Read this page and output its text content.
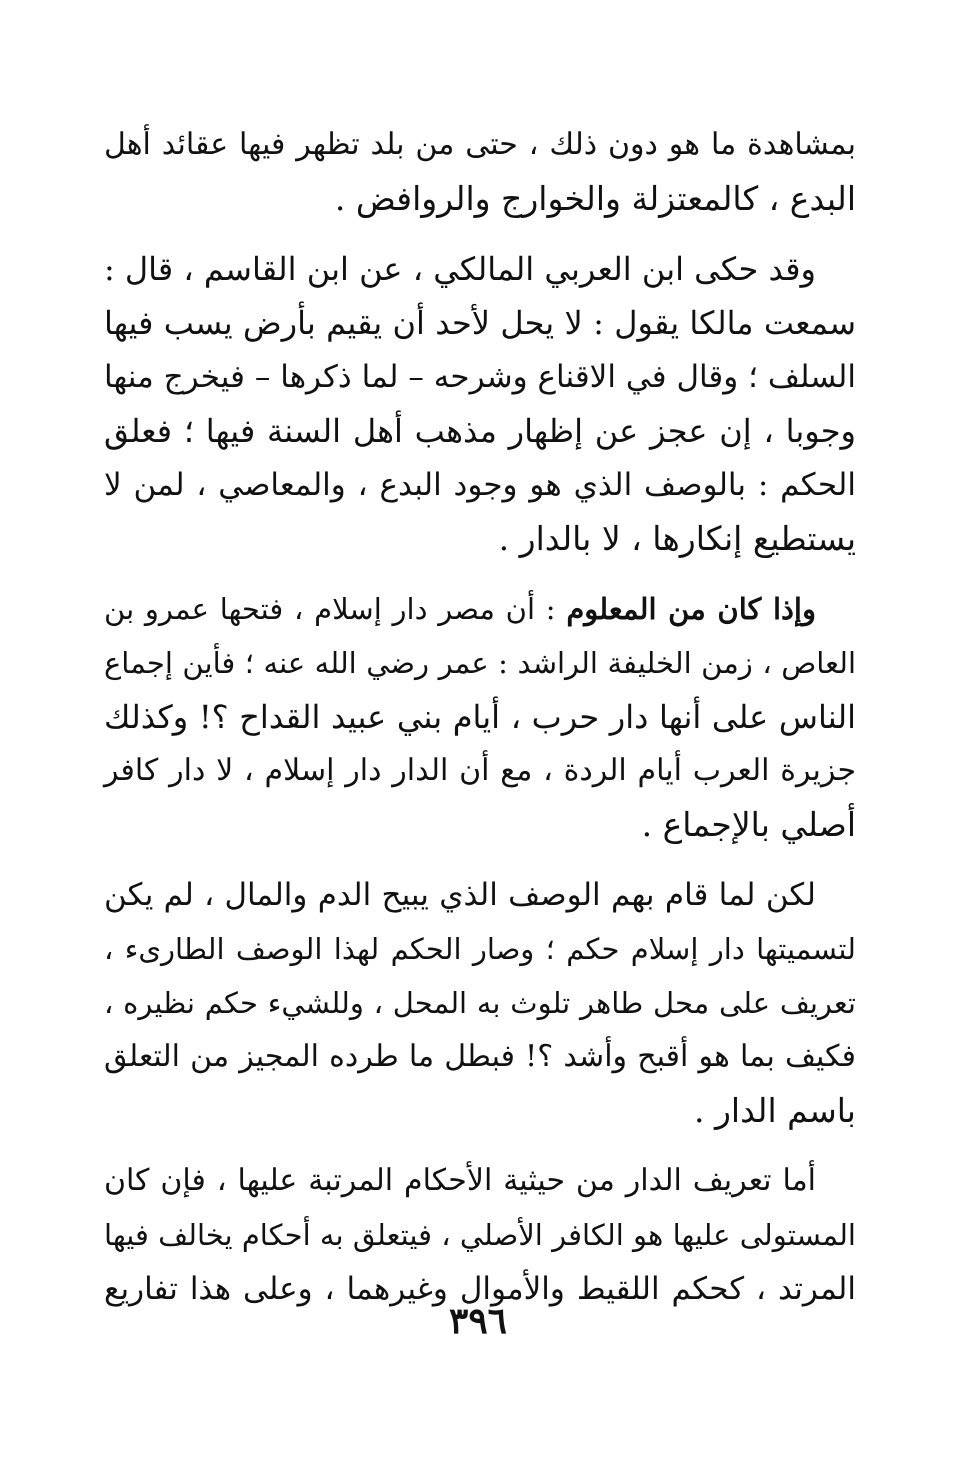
بمشاهدة ما هو دون ذلك ، حتى من بلد تظهر فيها عقائد أهل
البدع ، كالمعتزلة والخوارج والروافض .
وقد حكى ابن العربي المالكي ، عن ابن القاسم ، قال :
سمعت مالكا يقول : لا يحل لأحد أن يقيم بأرض يسب فيها
السلف ؛ وقال في الاقناع وشرحه – لما ذكرها – فيخرج منها
وجوبا ، إن عجز عن إظهار مذهب أهل السنة فيها ؛ فعلق
الحكم : بالوصف الذي هو وجود البدع ، والمعاصي ، لمن لا
يستطيع إنكارها ، لا بالدار .
وإذا كان من المعلوم : أن مصر دار إسلام ، فتحها عمرو بن
العاص ، زمن الخليفة الراشد : عمر رضي الله عنه ؛ فأين إجماع
الناس على أنها دار حرب ، أيام بني عبيد القداح ؟! وكذلك
جزيرة العرب أيام الردة ، مع أن الدار دار إسلام ، لا دار كافر
أصلي بالإجماع .
لكن لما قام بهم الوصف الذي يبيح الدم والمال ، لم يكن
لتسميتها دار إسلام حكم ؛ وصار الحكم لهذا الوصف الطارىء ،
تعريف على محل طاهر تلوث به المحل ، وللشيء حكم نظيره ،
فكيف بما هو أقبح وأشد ؟! فبطل ما طرده المجيز من التعلق
باسم الدار .
أما تعريف الدار من حيثية الأحكام المرتبة عليها ، فإن كان
المستولى عليها هو الكافر الأصلي ، فيتعلق به أحكام يخالف فيها
المرتد ، كحكم اللقيط والأموال وغيرهما ، وعلى هذا تفاريع
٣٩٦
